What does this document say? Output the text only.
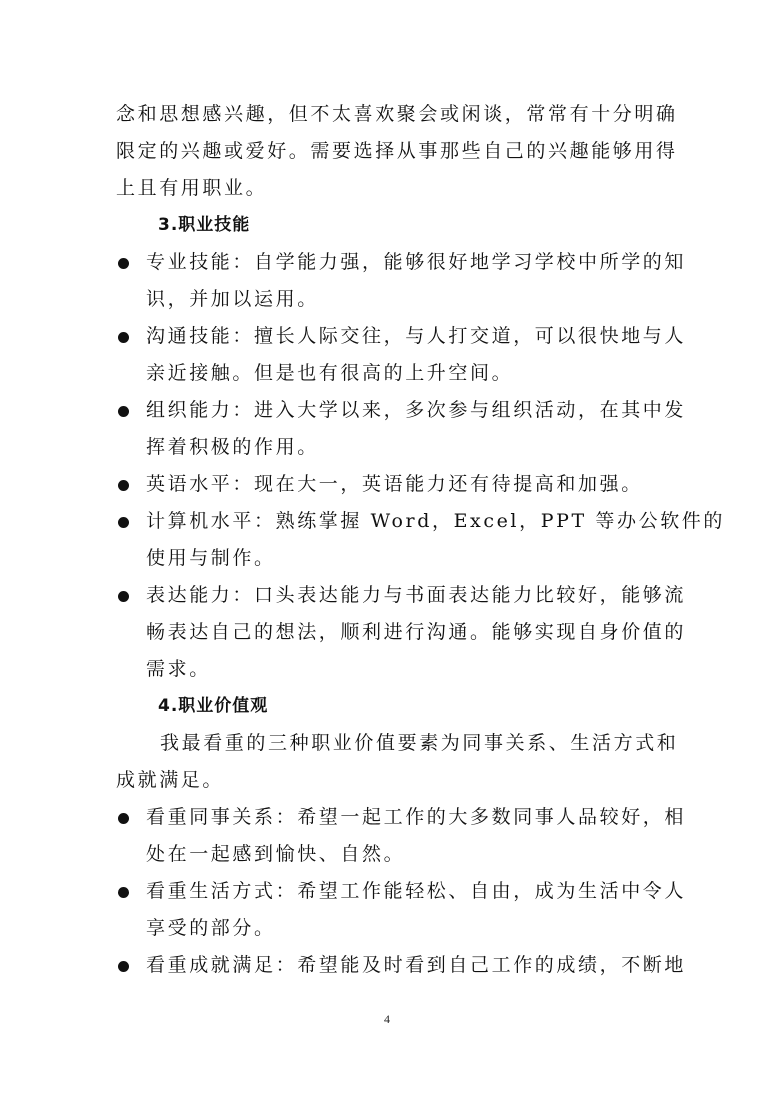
念和思想感兴趣，但不太喜欢聚会或闲谈，常常有十分明确
限定的兴趣或爱好。需要选择从事那些自己的兴趣能够用得
上且有用职业。
3.职业技能
专业技能：自学能力强，能够很好地学习学校中所学的知
识，并加以运用。
沟通技能：擅长人际交往，与人打交道，可以很快地与人
亲近接触。但是也有很高的上升空间。
组织能力：进入大学以来，多次参与组织活动，在其中发
挥着积极的作用。
英语水平：现在大一，英语能力还有待提高和加强。
计算机水平：熟练掌握 Word，Excel，PPT 等办公软件的
使用与制作。
表达能力：口头表达能力与书面表达能力比较好，能够流
畅表达自己的想法，顺利进行沟通。能够实现自身价值的
需求。
4.职业价值观
我最看重的三种职业价值要素为同事关系、生活方式和
成就满足。
看重同事关系：希望一起工作的大多数同事人品较好，相
处在一起感到愉快、自然。
看重生活方式：希望工作能轻松、自由，成为生活中令人
享受的部分。
看重成就满足：希望能及时看到自己工作的成绩，不断地
4
